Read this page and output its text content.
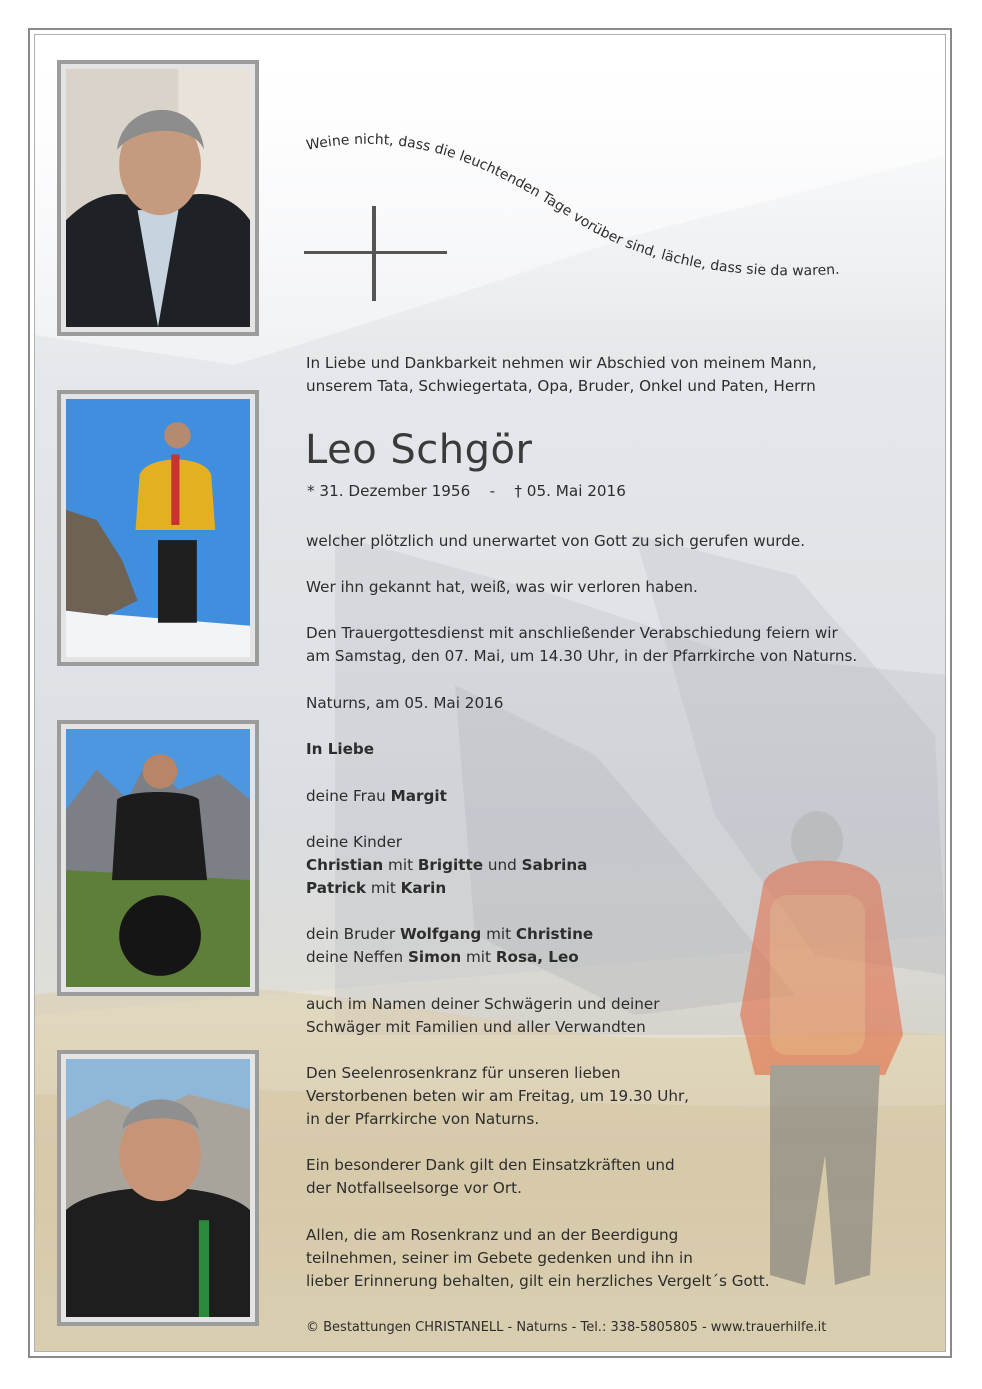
Weine nicht, dass die leuchtenden Tage vorüber sind, lächle, dass sie da waren.

In Liebe und Dankbarkeit nehmen wir Abschied von meinem Mann,

unserem Tata, Schwiegertata, Opa, Bruder, Onkel und Paten, Herrn

Leo Schgör
* 31. Dezember 1956 - † 05. Mai 2016

welcher plötzlich und unerwartet von Gott zu sich gerufen wurde.

Wer ihn gekannt hat, weiß, was wir verloren haben.

Den Trauergottesdienst mit anschließender Verabschiedung feiern wir

am Samstag, den 07. Mai, um 14.30 Uhr, in der Pfarrkirche von Naturns.

Naturns, am 05. Mai 2016

In Liebe

deine Frau Margit

deine Kinder

Christian mit Brigitte und Sabrina

Patrick mit Karin

dein Bruder Wolfgang mit Christine

deine Neffen Simon mit Rosa, Leo

auch im Namen deiner Schwägerin und deiner

Schwäger mit Familien und aller Verwandten

Den Seelenrosenkranz für unseren lieben

Verstorbenen beten wir am Freitag, um 19.30 Uhr,

in der Pfarrkirche von Naturns.

Ein besonderer Dank gilt den Einsatzkräften und

der Notfallseelsorge vor Ort.

Allen, die am Rosenkranz und an der Beerdigung

teilnehmen, seiner im Gebete gedenken und ihn in

lieber Erinnerung behalten, gilt ein herzliches Vergelt´s Gott.

© Bestattungen CHRISTANELL - Naturns - Tel.: 338-5805805 - www.trauerhilfe.it
